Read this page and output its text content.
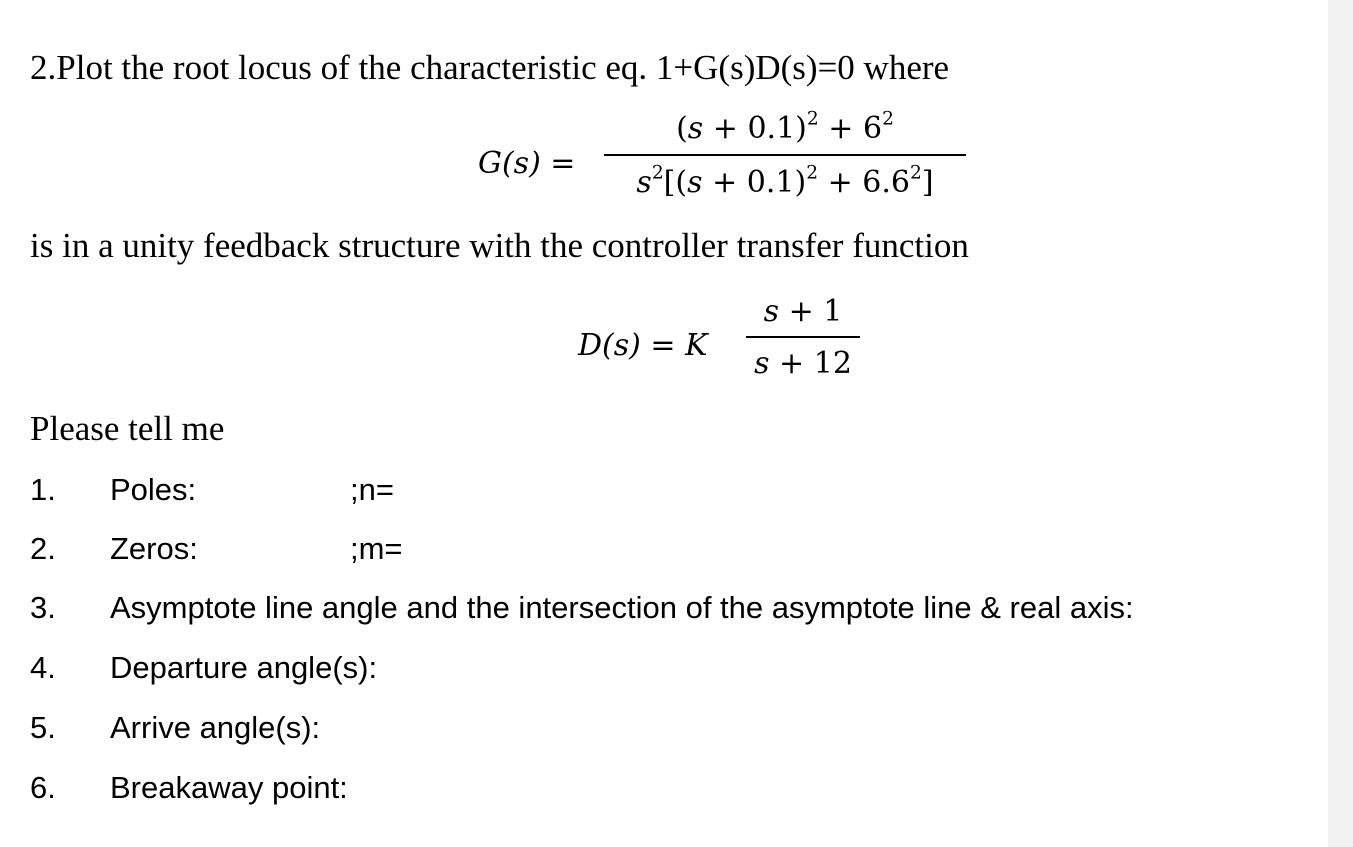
2.Plot the root locus of the characteristic eq. 1+G(s)D(s)=0 where
G(s) =
$(s + 0.1)^2 + 6^2$
$s^2[(s + 0.1)^2 + 6.6^2]$
is in a unity feedback structure with the controller transfer function
D(s) = K
s + 1
s + 12
Please tell me
1. Poles:	;n=
2. Zeros:	;m=
3. Asymptote line angle and the intersection of the asymptote line & real axis:
4. Departure angle(s):
5. Arrive angle(s):
6. Breakaway point:
